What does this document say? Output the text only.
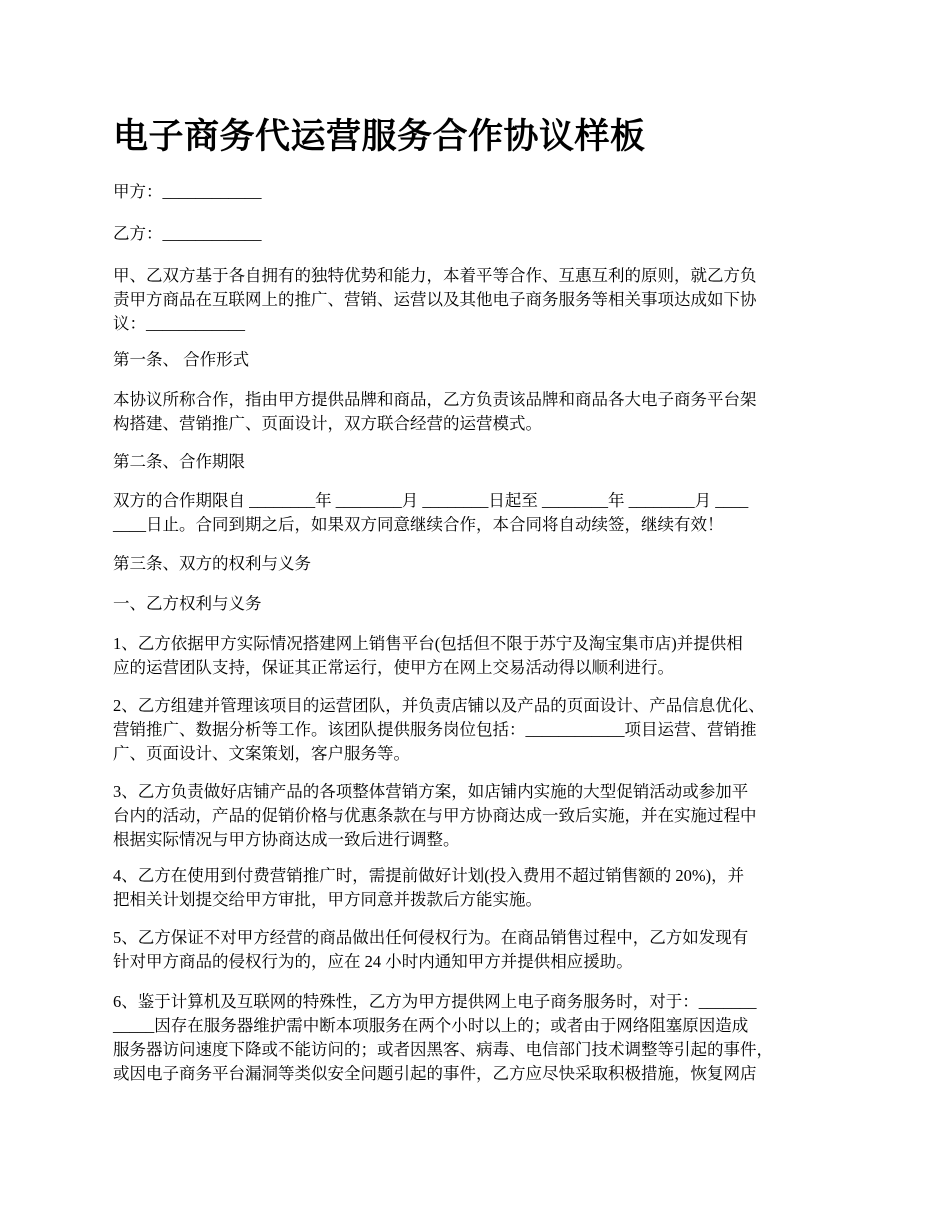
电子商务代运营服务合作协议样板

甲方：____________

乙方：____________

甲、乙双方基于各自拥有的独特优势和能力，本着平等合作、互惠互利的原则，就乙方负
责甲方商品在互联网上的推广、营销、运营以及其他电子商务服务等相关事项达成如下协
议：____________

第一条、 合作形式

本协议所称合作，指由甲方提供品牌和商品，乙方负责该品牌和商品各大电子商务平台架
构搭建、营销推广、页面设计，双方联合经营的运营模式。

第二条、合作期限

双方的合作期限自 ________年 ________月 ________日起至 ________年 ________月 ____
____日止。合同到期之后，如果双方同意继续合作，本合同将自动续签，继续有效！

第三条、双方的权利与义务

一、乙方权利与义务

1、乙方依据甲方实际情况搭建网上销售平台(包括但不限于苏宁及淘宝集市店)并提供相
应的运营团队支持，保证其正常运行，使甲方在网上交易活动得以顺利进行。

2、乙方组建并管理该项目的运营团队，并负责店铺以及产品的页面设计、产品信息优化、
营销推广、数据分析等工作。该团队提供服务岗位包括：____________项目运营、营销推
广、页面设计、文案策划，客户服务等。

3、乙方负责做好店铺产品的各项整体营销方案，如店铺内实施的大型促销活动或参加平
台内的活动，产品的促销价格与优惠条款在与甲方协商达成一致后实施，并在实施过程中
根据实际情况与甲方协商达成一致后进行调整。

4、乙方在使用到付费营销推广时，需提前做好计划(投入费用不超过销售额的 20%)，并
把相关计划提交给甲方审批，甲方同意并拨款后方能实施。

5、乙方保证不对甲方经营的商品做出任何侵权行为。在商品销售过程中，乙方如发现有
针对甲方商品的侵权行为的，应在 24 小时内通知甲方并提供相应援助。

6、鉴于计算机及互联网的特殊性，乙方为甲方提供网上电子商务服务时，对于：_______
_____因存在服务器维护需中断本项服务在两个小时以上的；或者由于网络阻塞原因造成
服务器访问速度下降或不能访问的；或者因黑客、病毒、电信部门技术调整等引起的事件，
或因电子商务平台漏洞等类似安全问题引起的事件，乙方应尽快采取积极措施，恢复网店
